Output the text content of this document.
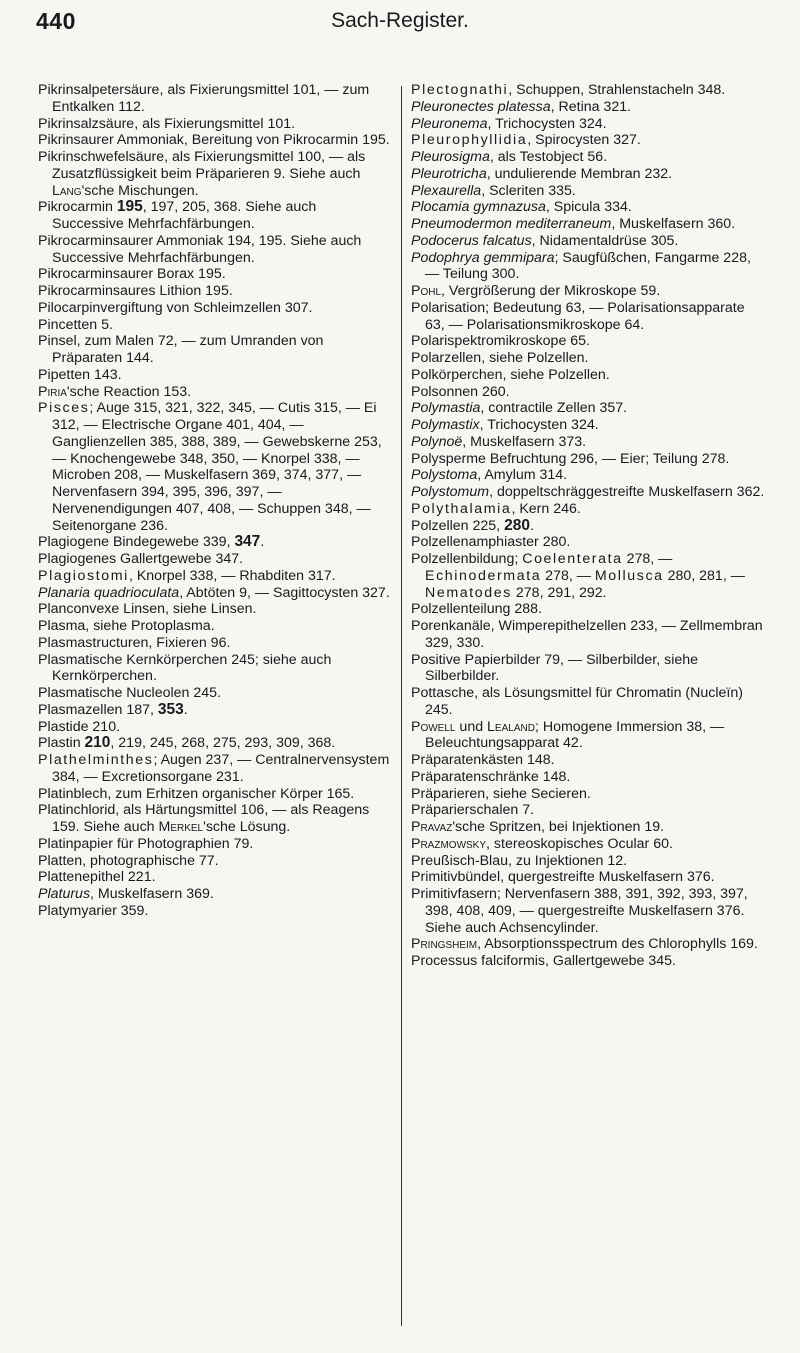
440	Sach-Register.
Pikrinsalpetersäure, als Fixierungsmittel 101, — zum Entkalken 112.
Pikrinsalzsäure, als Fixierungsmittel 101.
Pikrinsaurer Ammoniak, Bereitung von Pikrocarmin 195.
Pikrinschwefelsäure, als Fixierungsmittel 100, — als Zusatzflüssigkeit beim Präparieren 9. Siehe auch Lang'sche Mischungen.
Pikrocarmin 195, 197, 205, 368. Siehe auch Successive Mehrfachfärbungen.
Pikrocarminsaurer Ammoniak 194, 195. Siehe auch Successive Mehrfachfärbungen.
Pikrocarminsaurer Borax 195.
Pikrocarminsaures Lithion 195.
Pilocarpinvergiftung von Schleimzellen 307.
Pincetten 5.
Pinsel, zum Malen 72, — zum Umranden von Präparaten 144.
Pipetten 143.
Piria'sche Reaction 153.
Pisces; Auge 315, 321, 322, 345, — Cutis 315, — Ei 312, — Electrische Organe 401, 404, — Ganglienzellen 385, 388, 389, — Gewebskerne 253, — Knochengewebe 348, 350, — Knorpel 338, — Microben 208, — Muskelfasern 369, 374, 377, — Nervenfasern 394, 395, 396, 397, — Nervenendigungen 407, 408, — Schuppen 348, — Seitenorgane 236.
Plagiogene Bindegewebe 339, 347.
Plagiogenes Gallertgewebe 347.
Plagiostomi, Knorpel 338, — Rhabditen 317.
Planaria quadrioculata, Abtöten 9, — Sagittocysten 327.
Planconvexe Linsen, siehe Linsen.
Plasma, siehe Protoplasma.
Plasmastructuren, Fixieren 96.
Plasmatische Kernkörperchen 245; siehe auch Kernkörperchen.
Plasmatische Nucleolen 245.
Plasmazellen 187, 353.
Plastide 210.
Plastin 210, 219, 245, 268, 275, 293, 309, 368.
Plathelminthes; Augen 237, — Centralnervensystem 384, — Excretionsorgane 231.
Platinblech, zum Erhitzen organischer Körper 165.
Platinchlorid, als Härtungsmittel 106, — als Reagens 159. Siehe auch Merkel'sche Lösung.
Platinpapier für Photographien 79.
Platten, photographische 77.
Plattenepithel 221.
Platurus, Muskelfasern 369.
Platymyarier 359.
Plectognathi, Schuppen, Strahlenstacheln 348.
Pleuronectes platessa, Retina 321.
Pleuronema, Trichocysten 324.
Pleurophyllidia, Spirocysten 327.
Pleurosigma, als Testobject 56.
Pleurotricha, undulierende Membran 232.
Plexaurella, Scleriten 335.
Plocamia gymnazusa, Spicula 334.
Pneumodermon mediterraneum, Muskelfasern 360.
Podocerus falcatus, Nidamentaldrüse 305.
Podophrya gemmipara; Saugfüßchen, Fangarme 228, — Teilung 300.
Pohl, Vergrößerung der Mikroskope 59.
Polarisation; Bedeutung 63, — Polarisationsapparate 63, — Polarisationsmikroskope 64.
Polarispektromikroskope 65.
Polarzellen, siehe Polzellen.
Polkörperchen, siehe Polzellen.
Polsonnen 260.
Polymastia, contractile Zellen 357.
Polymastix, Trichocysten 324.
Polynoë, Muskelfasern 373.
Polysperme Befruchtung 296, — Eier; Teilung 278.
Polystoma, Amylum 314.
Polystomum, doppeltschräggestreifte Muskelfasern 362.
Polythalamia, Kern 246.
Polzellen 225, 280.
Polzellenamphiaster 280.
Polzellenbildung; Coelenterata 278, — Echinodermata 278, — Mollusca 280, 281, — Nematodes 278, 291, 292.
Polzellenteilung 288.
Porenkanäle, Wimperepithelzellen 233, — Zellmembran 329, 330.
Positive Papierbilder 79, — Silberbilder, siehe Silberbilder.
Pottasche, als Lösungsmittel für Chromatin (Nucleïn) 245.
Powell und Lealand; Homogene Immersion 38, — Beleuchtungsapparat 42.
Präparatenkästen 148.
Präparatenschränke 148.
Präparieren, siehe Secieren.
Präparierschalen 7.
Pravaz'sche Spritzen, bei Injektionen 19.
Prazmowsky, stereoskopisches Ocular 60.
Preußisch-Blau, zu Injektionen 12.
Primitivbündel, quergestreifte Muskelfasern 376.
Primitivfasern; Nervenfasern 388, 391, 392, 393, 397, 398, 408, 409, — quergestreifte Muskelfasern 376. Siehe auch Achsencylinder.
Pringsheim, Absorptionsspectrum des Chlorophylls 169.
Processus falciformis, Gallertgewebe 345.
